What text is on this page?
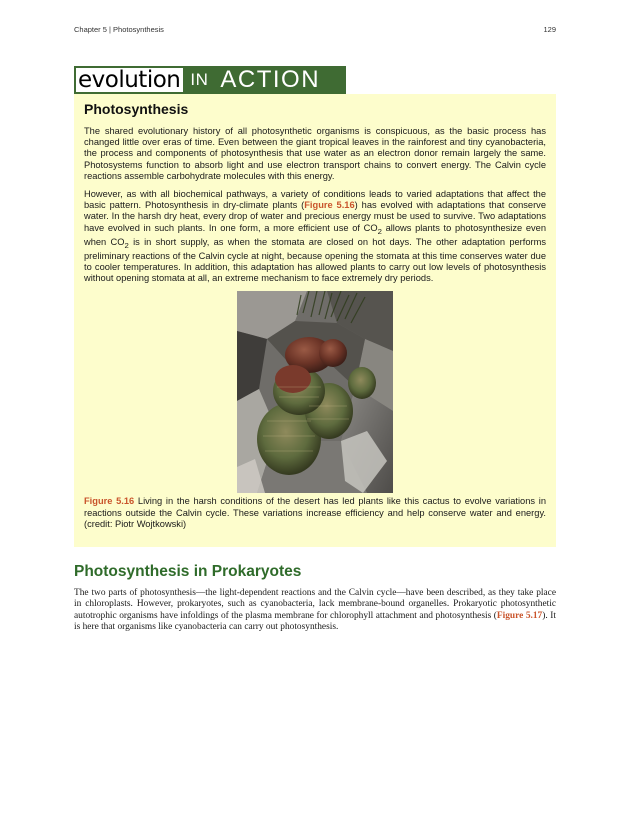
Chapter 5 | Photosynthesis	129
evolution IN ACTION
Photosynthesis

The shared evolutionary history of all photosynthetic organisms is conspicuous, as the basic process has changed little over eras of time. Even between the giant tropical leaves in the rainforest and tiny cyanobacteria, the process and components of photosynthesis that use water as an electron donor remain largely the same. Photosystems function to absorb light and use electron transport chains to convert energy. The Calvin cycle reactions assemble carbohydrate molecules with this energy.

However, as with all biochemical pathways, a variety of conditions leads to varied adaptations that affect the basic pattern. Photosynthesis in dry-climate plants (Figure 5.16) has evolved with adaptations that conserve water. In the harsh dry heat, every drop of water and precious energy must be used to survive. Two adaptations have evolved in such plants. In one form, a more efficient use of $CO_2$ allows plants to photosynthesize even when $CO_2$ is in short supply, as when the stomata are closed on hot days. The other adaptation performs preliminary reactions of the Calvin cycle at night, because opening the stomata at this time conserves water due to cooler temperatures. In addition, this adaptation has allowed plants to carry out low levels of photosynthesis without opening stomata at all, an extreme mechanism to face extremely dry periods.

Figure 5.16 Living in the harsh conditions of the desert has led plants like this cactus to evolve variations in reactions outside the Calvin cycle. These variations increase efficiency and help conserve water and energy. (credit: Piotr Wojtkowski)

Photosynthesis in Prokaryotes

The two parts of photosynthesis—the light-dependent reactions and the Calvin cycle—have been described, as they take place in chloroplasts. However, prokaryotes, such as cyanobacteria, lack membrane-bound organelles. Prokaryotic photosynthetic autotrophic organisms have infoldings of the plasma membrane for chlorophyll attachment and photosynthesis (Figure 5.17). It is here that organisms like cyanobacteria can carry out photosynthesis.
